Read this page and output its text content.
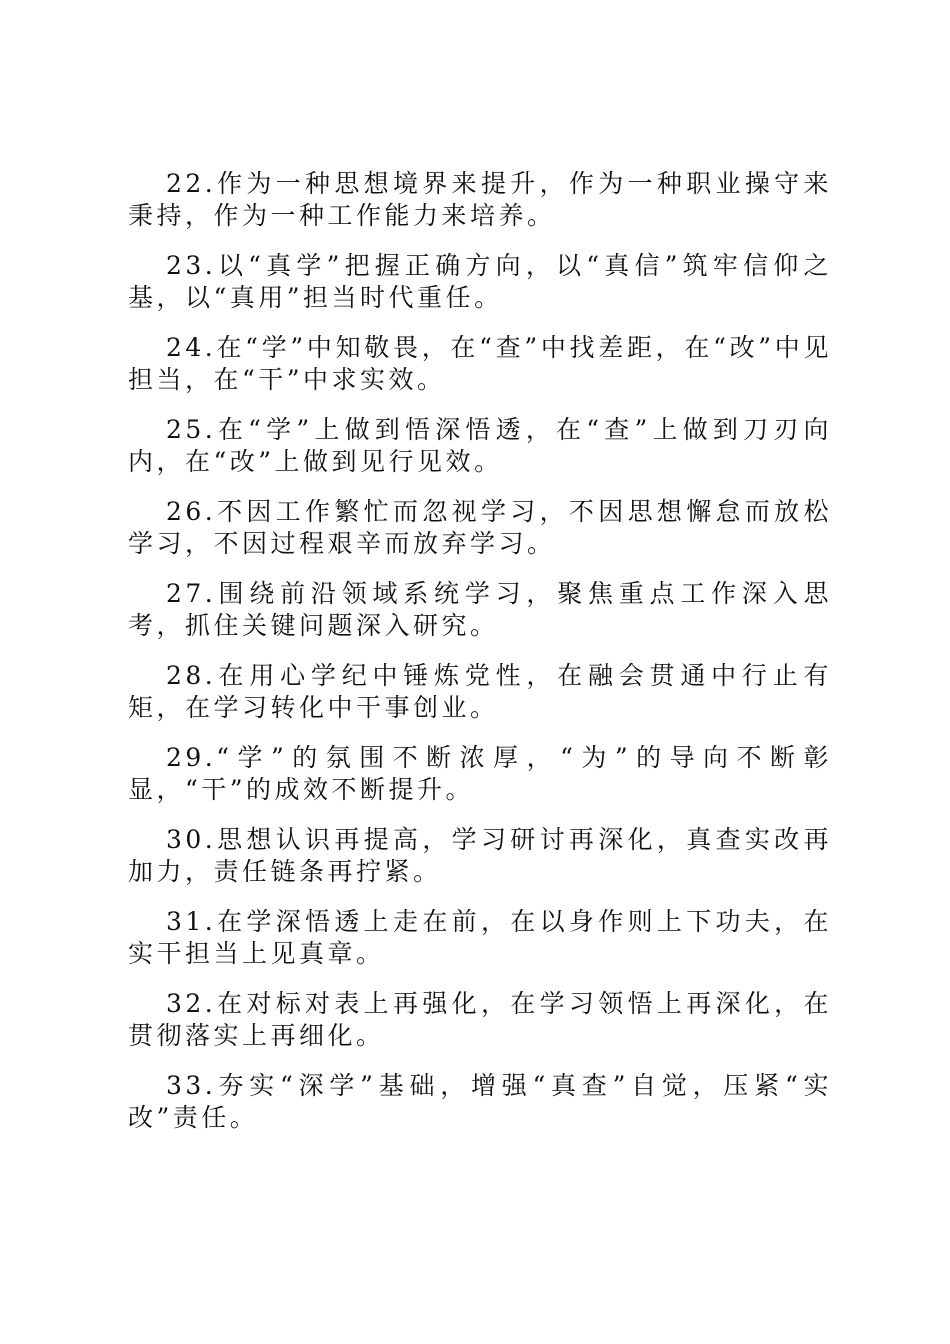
22.作为一种思想境界来提升，作为一种职业操守来秉持，作为一种工作能力来培养。

23.以“真学”把握正确方向，以“真信”筑牢信仰之基，以“真用”担当时代重任。

24.在“学”中知敬畏，在“查”中找差距，在“改”中见担当，在“干”中求实效。

25.在“学”上做到悟深悟透，在“查”上做到刀刃向内，在“改”上做到见行见效。

26.不因工作繁忙而忽视学习，不因思想懈怠而放松学习，不因过程艰辛而放弃学习。

27.围绕前沿领域系统学习，聚焦重点工作深入思考，抓住关键问题深入研究。

28.在用心学纪中锤炼党性，在融会贯通中行止有矩，在学习转化中干事创业。

29.“学”的氛围不断浓厚，“为”的导向不断彰显，“干”的成效不断提升。

30.思想认识再提高，学习研讨再深化，真查实改再加力，责任链条再拧紧。

31.在学深悟透上走在前，在以身作则上下功夫，在实干担当上见真章。

32.在对标对表上再强化，在学习领悟上再深化，在贯彻落实上再细化。

33.夯实“深学”基础，增强“真查”自觉，压紧“实改”责任。
